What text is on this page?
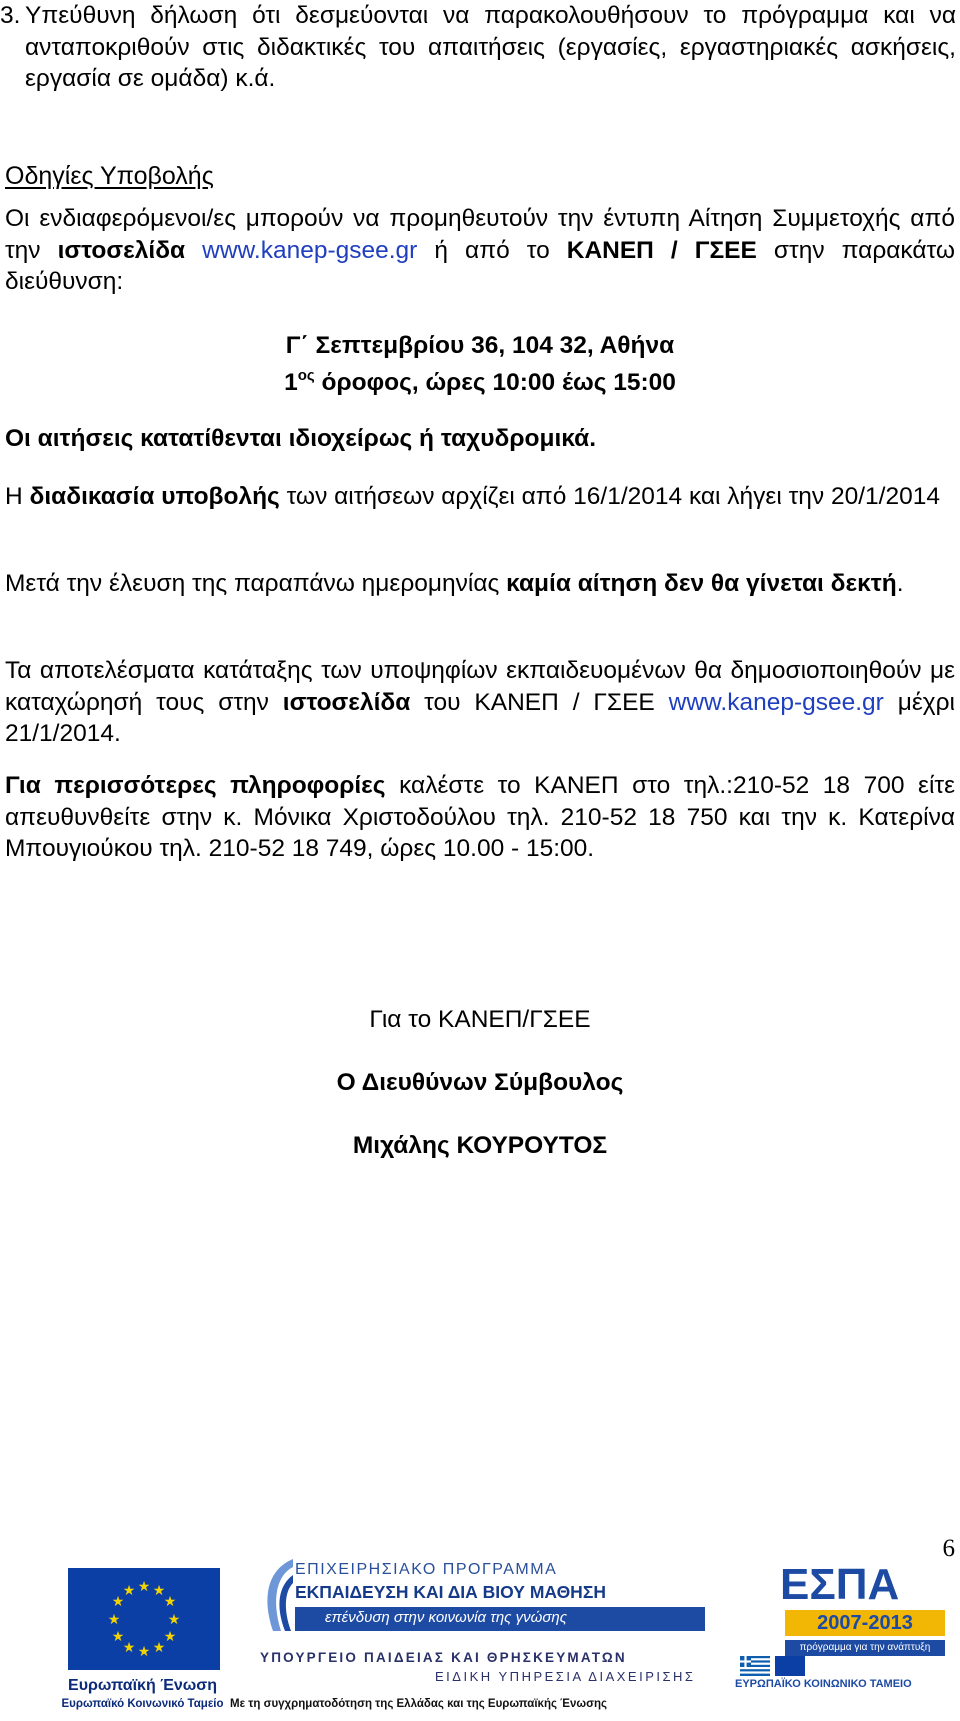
3. Υπεύθυνη δήλωση ότι δεσμεύονται να παρακολουθήσουν το πρόγραμμα και να ανταποκριθούν στις διδακτικές του απαιτήσεις (εργασίες, εργαστηριακές ασκήσεις, εργασία σε ομάδα) κ.ά.
Οδηγίες Υποβολής
Οι ενδιαφερόμενοι/ες μπορούν να προμηθευτούν την έντυπη Αίτηση Συμμετοχής από την ιστοσελίδα www.kanep-gsee.gr ή από το ΚΑΝΕΠ / ΓΣΕΕ στην παρακάτω διεύθυνση:
Γ΄ Σεπτεμβρίου 36, 104 32, Αθήνα
$1^{o\varsigma}$ όροφος, ώρες 10:00 έως 15:00
Οι αιτήσεις κατατίθενται ιδιοχείρως ή ταχυδρομικά.
Η διαδικασία υποβολής των αιτήσεων αρχίζει από 16/1/2014 και λήγει την 20/1/2014
Μετά την έλευση της παραπάνω ημερομηνίας καμία αίτηση δεν θα γίνεται δεκτή.
Τα αποτελέσματα κατάταξης των υποψηφίων εκπαιδευομένων θα δημοσιοποιηθούν με καταχώρησή τους στην ιστοσελίδα του ΚΑΝΕΠ / ΓΣΕΕ www.kanep-gsee.gr μέχρι 21/1/2014.
Για περισσότερες πληροφορίες καλέστε το ΚΑΝΕΠ στο τηλ.:210-52 18 700 είτε απευθυνθείτε στην κ. Μόνικα Χριστοδούλου τηλ. 210-52 18 750 και την κ. Κατερίνα Μπουγιούκου τηλ. 210-52 18 749, ώρες 10.00 - 15:00.
Για το ΚΑΝΕΠ/ΓΣΕΕ
Ο Διευθύνων Σύμβουλος
Μιχάλης ΚΟΥΡΟΥΤΟΣ
6
★ ★
★
★
★
★
★
★
★
★
★
★
Ευρωπαϊκή Ένωση
Ευρωπαϊκό Κοινωνικό Ταμείο
ΕΠΙΧΕΙΡΗΣΙΑΚΟ ΠΡΟΓΡΑΜΜΑ
ΕΚΠΑΙΔΕΥΣΗ ΚΑΙ ΔΙΑ ΒΙΟΥ ΜΑΘΗΣΗ
επένδυση στην κοινωνία της γνώσης
ΥΠΟΥΡΓΕΙΟ ΠΑΙΔΕΙΑΣ ΚΑΙ ΘΡΗΣΚΕΥΜΑΤΩΝ
ΕΙΔΙΚΗ ΥΠΗΡΕΣΙΑ ΔΙΑΧΕΙΡΙΣΗΣ
Με τη συγχρηματοδότηση της Ελλάδας και της Ευρωπαϊκής Ένωσης
ΕΣΠΑ
2007-2013
πρόγραμμα για την ανάπτυξη
ΕΥΡΩΠΑΪΚΟ ΚΟΙΝΩΝΙΚΟ ΤΑΜΕΙΟ
